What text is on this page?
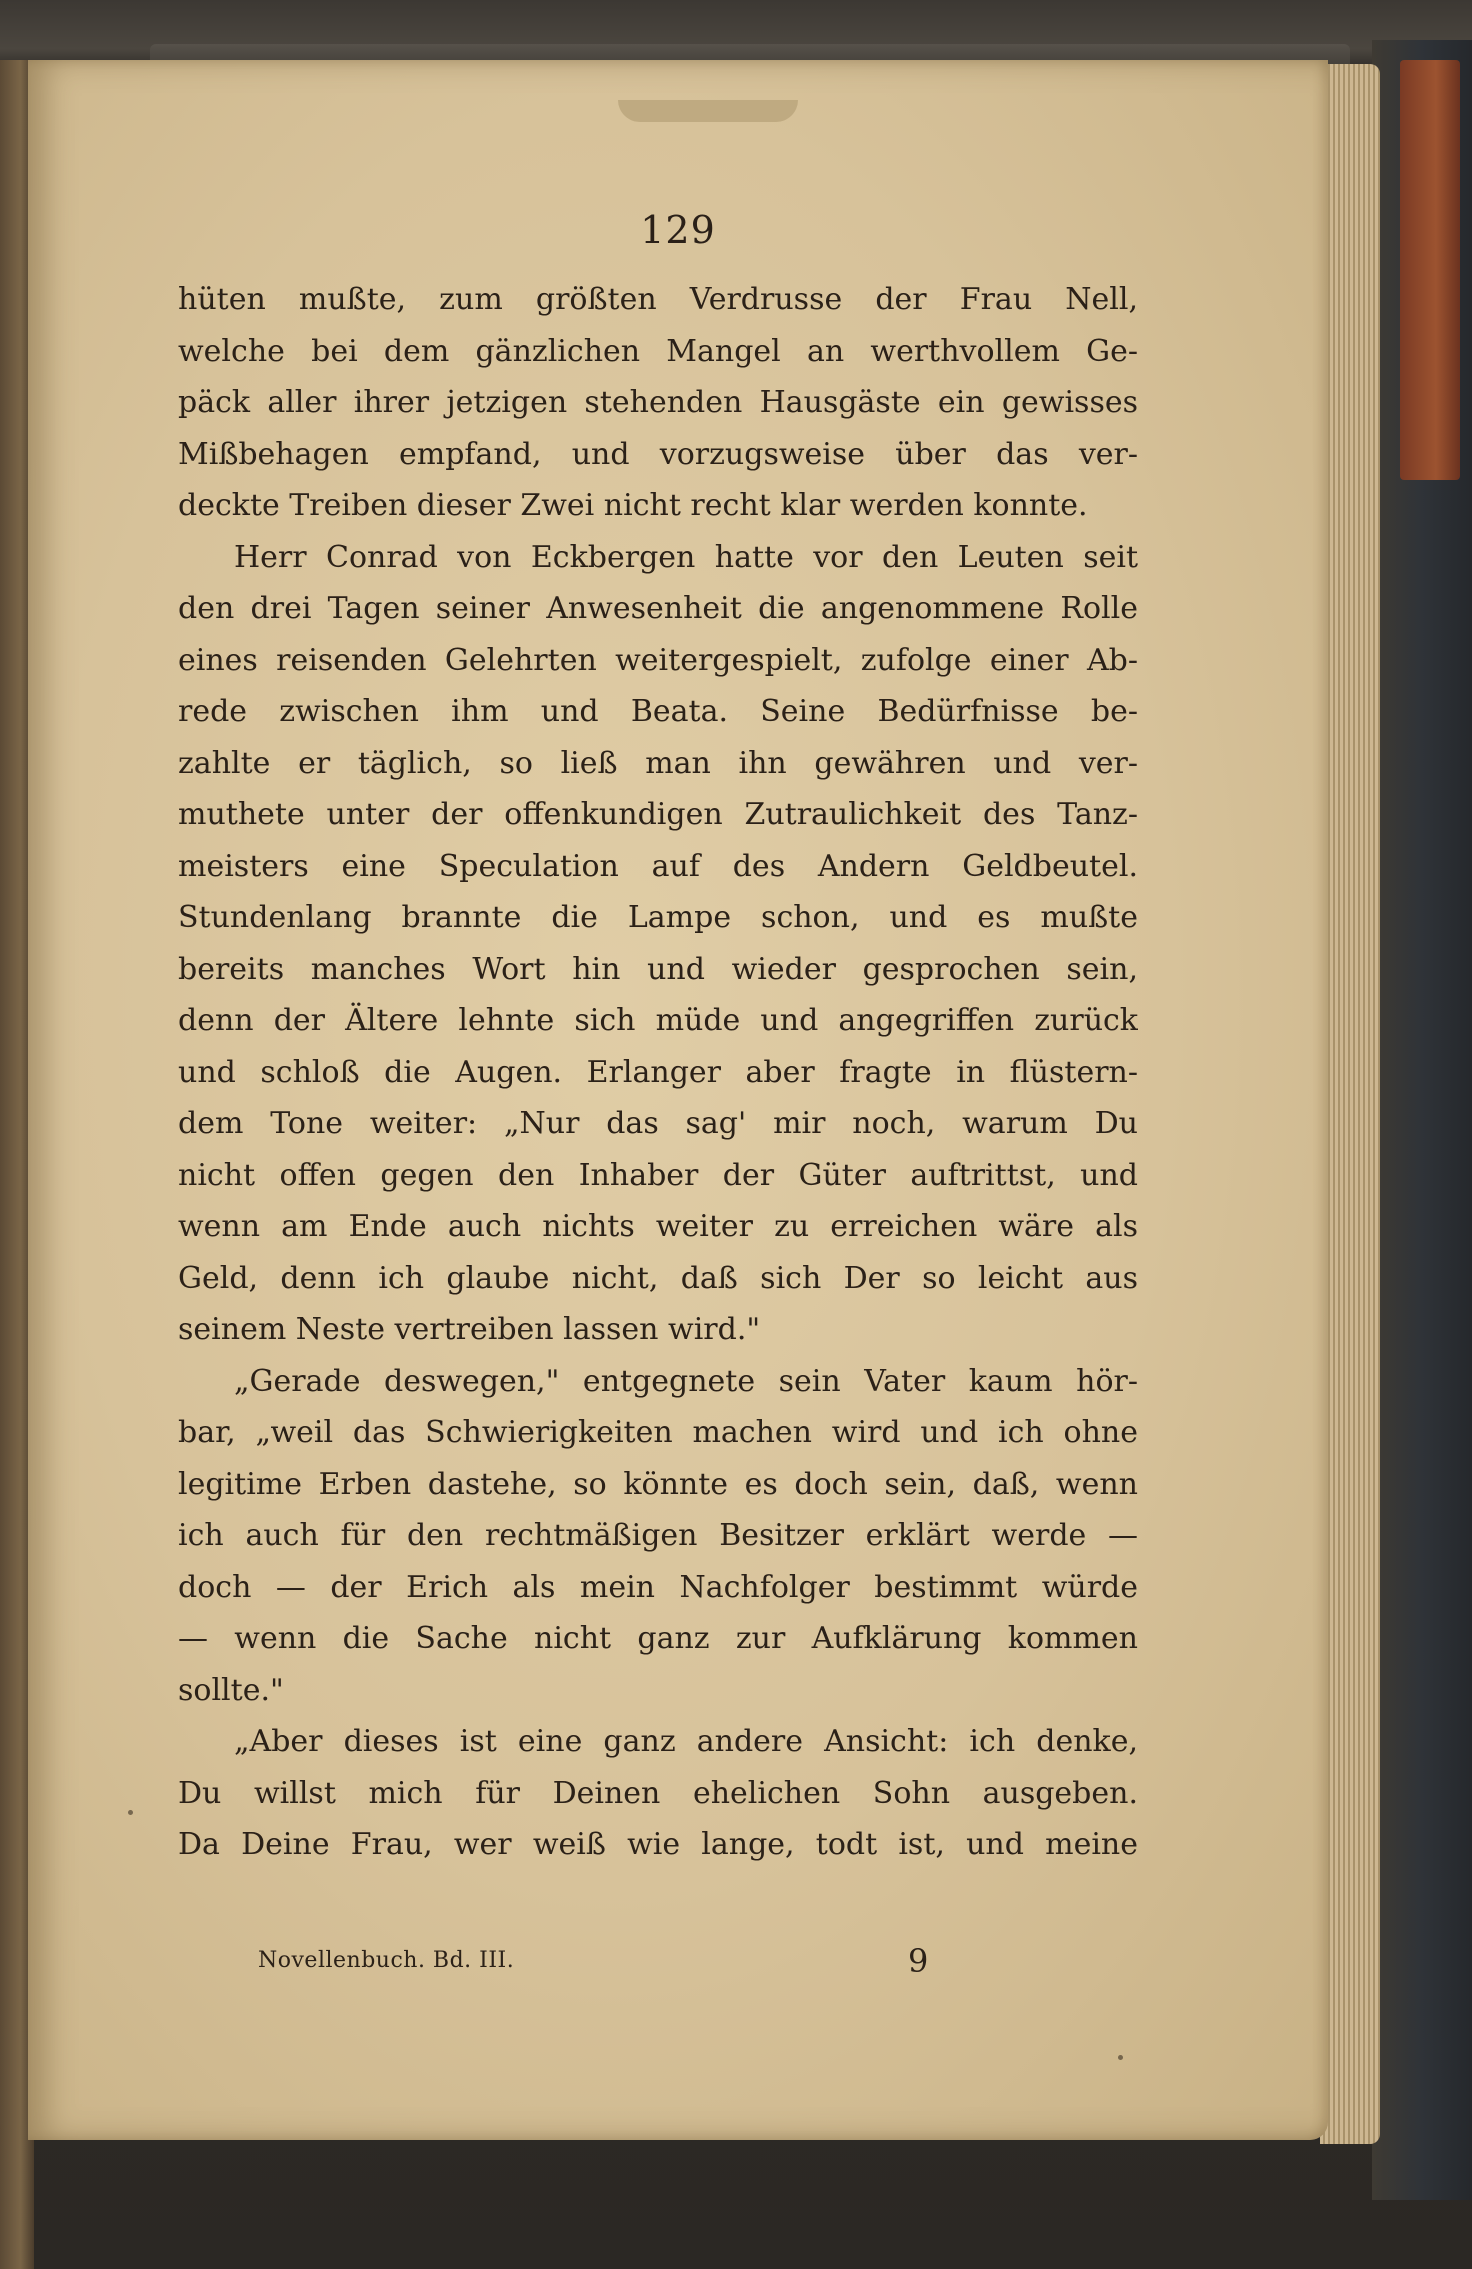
129
hüten mußte, zum größten Verdrusse der Frau Nell,
welche bei dem gänzlichen Mangel an werthvollem Ge-
päck aller ihrer jetzigen stehenden Hausgäste ein gewisses
Mißbehagen empfand, und vorzugsweise über das ver-
deckte Treiben dieser Zwei nicht recht klar werden konnte.
Herr Conrad von Eckbergen hatte vor den Leuten seit
den drei Tagen seiner Anwesenheit die angenommene Rolle
eines reisenden Gelehrten weitergespielt, zufolge einer Ab-
rede zwischen ihm und Beata. Seine Bedürfnisse be-
zahlte er täglich, so ließ man ihn gewähren und ver-
muthete unter der offenkundigen Zutraulichkeit des Tanz-
meisters eine Speculation auf des Andern Geldbeutel.
Stundenlang brannte die Lampe schon, und es mußte
bereits manches Wort hin und wieder gesprochen sein,
denn der Ältere lehnte sich müde und angegriffen zurück
und schloß die Augen. Erlanger aber fragte in flüstern-
dem Tone weiter: „Nur das sag' mir noch, warum Du
nicht offen gegen den Inhaber der Güter auftrittst, und
wenn am Ende auch nichts weiter zu erreichen wäre als
Geld, denn ich glaube nicht, daß sich Der so leicht aus
seinem Neste vertreiben lassen wird."
„Gerade deswegen," entgegnete sein Vater kaum hör-
bar, „weil das Schwierigkeiten machen wird und ich ohne
legitime Erben dastehe, so könnte es doch sein, daß, wenn
ich auch für den rechtmäßigen Besitzer erklärt werde —
doch — der Erich als mein Nachfolger bestimmt würde
— wenn die Sache nicht ganz zur Aufklärung kommen
sollte."
„Aber dieses ist eine ganz andere Ansicht: ich denke,
Du willst mich für Deinen ehelichen Sohn ausgeben.
Da Deine Frau, wer weiß wie lange, todt ist, und meine
Novellenbuch. Bd. III.	9
